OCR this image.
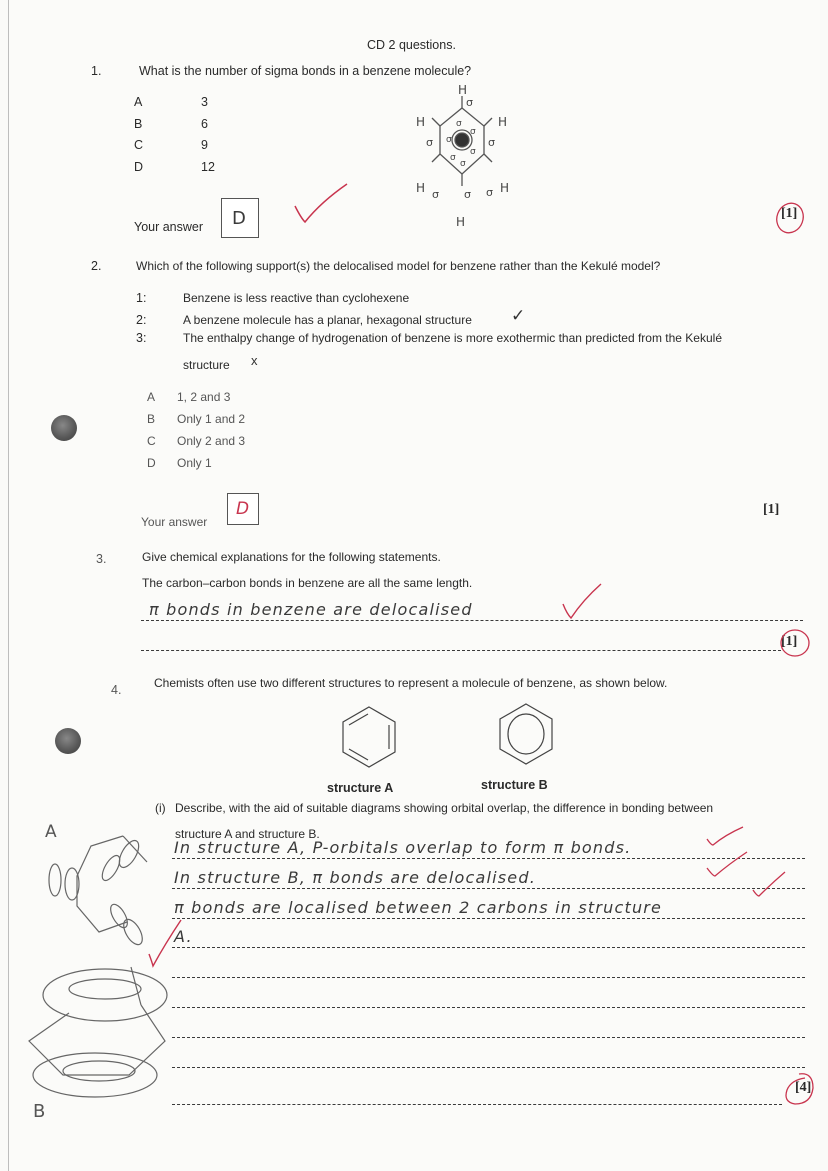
CD 2 questions.
1.	What is the number of sigma bonds in a benzene molecule?
A	3
B	6
C	9
D	12
H
σ
H	H
σ	σ
σ
σ
σ
σ
σ
σ
H σ σ σ H
H
Your answer D	[1]
2.	Which of the following support(s) the delocalised model for benzene rather than the Kekulé model?
1:	Benzene is less reactive than cyclohexene
2:	A benzene molecule has a planar, hexagonal structure ✓
3:	The enthalpy change of hydrogenation of benzene is more exothermic than predicted from the Kekulé
structure x
A 1, 2 and 3
B Only 1 and 2
C Only 2 and 3
D Only 1
Your answer
D	[1]
3.	Give chemical explanations for the following statements.
The carbon–carbon bonds in benzene are all the same length.
π bonds in benzene are delocalised
[1]
4.	Chemists often use two different structures to represent a molecule of benzene, as shown below.
structure A	structure B
(i) Describe, with the aid of suitable diagrams showing orbital overlap, the difference in bonding between
structure A and structure B.
A
B
In structure A, P-orbitals overlap to form π bonds.
In structure B, π bonds are delocalised.
π bonds are localised between 2 carbons in structure
A.
[4]
